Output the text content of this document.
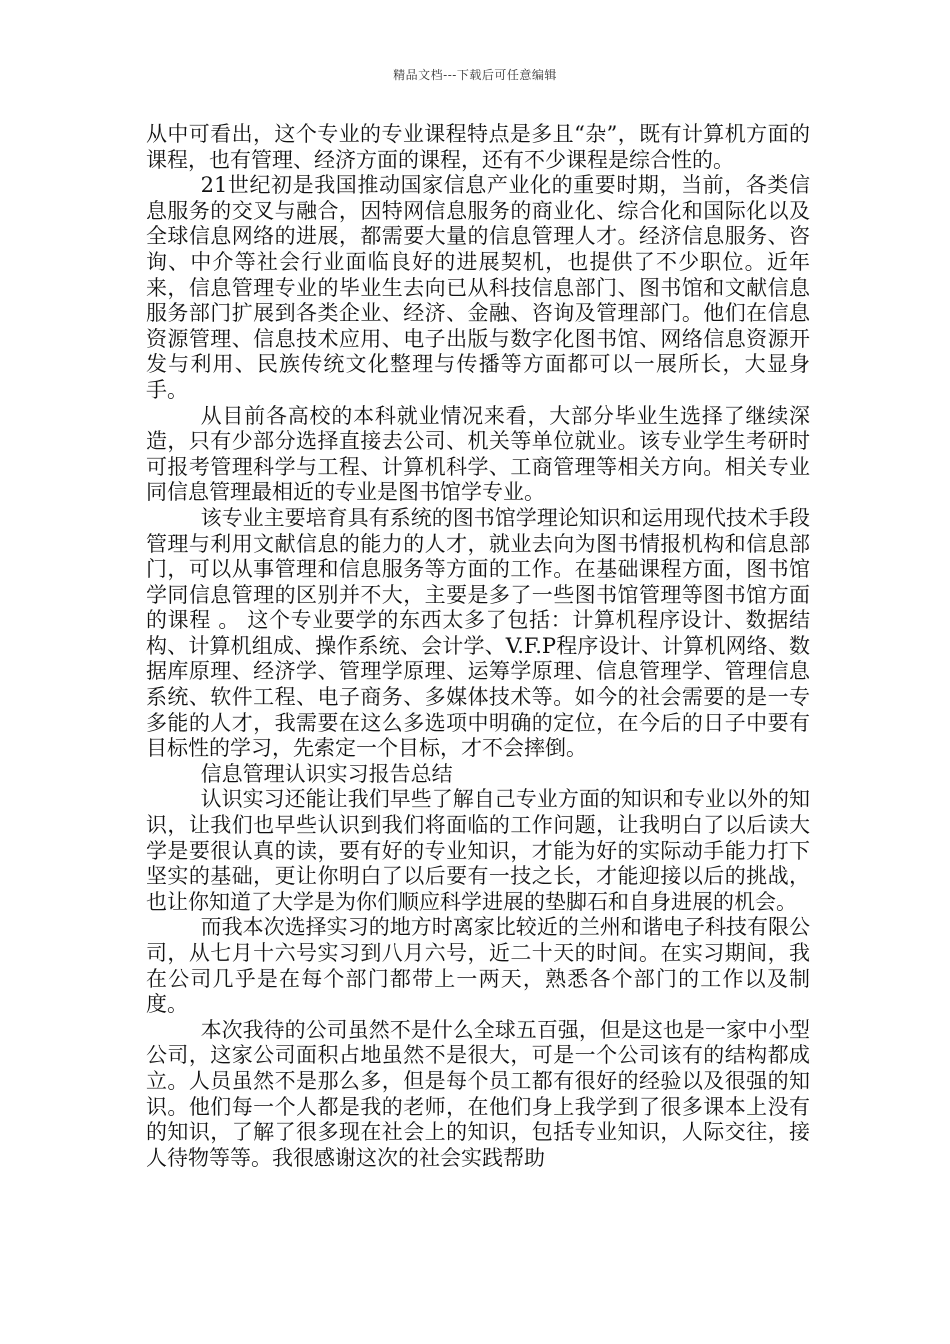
精品文档---下载后可任意编辑

从中可看出，这个专业的专业课程特点是多且“杂”，既有计算机方面的课程，也有管理、经济方面的课程，还有不少课程是综合性的。

21世纪初是我国推动国家信息产业化的重要时期，当前，各类信息服务的交叉与融合，因特网信息服务的商业化、综合化和国际化以及全球信息网络的进展，都需要大量的信息管理人才。经济信息服务、咨询、中介等社会行业面临良好的进展契机，也提供了不少职位。近年来，信息管理专业的毕业生去向已从科技信息部门、图书馆和文献信息服务部门扩展到各类企业、经济、金融、咨询及管理部门。他们在信息资源管理、信息技术应用、电子出版与数字化图书馆、网络信息资源开发与利用、民族传统文化整理与传播等方面都可以一展所长，大显身手。

从目前各高校的本科就业情况来看，大部分毕业生选择了继续深造，只有少部分选择直接去公司、机关等单位就业。该专业学生考研时可报考管理科学与工程、计算机科学、工商管理等相关方向。相关专业 同信息管理最相近的专业是图书馆学专业。

该专业主要培育具有系统的图书馆学理论知识和运用现代技术手段管理与利用文献信息的能力的人才，就业去向为图书情报机构和信息部门，可以从事管理和信息服务等方面的工作。在基础课程方面，图书馆学同信息管理的区别并不大，主要是多了一些图书馆管理等图书馆方面的课程 。 这个专业要学的东西太多了包括：计算机程序设计、数据结构、计算机组成、操作系统、会计学、V.F.P程序设计、计算机网络、数据库原理、经济学、管理学原理、运筹学原理、信息管理学、管理信息系统、软件工程、电子商务、多媒体技术等。如今的社会需要的是一专多能的人才，我需要在这么多选项中明确的定位，在今后的日子中要有目标性的学习，先索定一个目标，才不会摔倒。

信息管理认识实习报告总结

认识实习还能让我们早些了解自己专业方面的知识和专业以外的知识，让我们也早些认识到我们将面临的工作问题，让我明白了以后读大学是要很认真的读，要有好的专业知识，才能为好的实际动手能力打下坚实的基础，更让你明白了以后要有一技之长，才能迎接以后的挑战，也让你知道了大学是为你们顺应科学进展的垫脚石和自身进展的机会。

而我本次选择实习的地方时离家比较近的兰州和谐电子科技有限公司，从七月十六号实习到八月六号，近二十天的时间。在实习期间，我在公司几乎是在每个部门都带上一两天，熟悉各个部门的工作以及制度。

本次我待的公司虽然不是什么全球五百强，但是这也是一家中小型公司，这家公司面积占地虽然不是很大，可是一个公司该有的结构都成立。人员虽然不是那么多，但是每个员工都有很好的经验以及很强的知识。他们每一个人都是我的老师，在他们身上我学到了很多课本上没有的知识，了解了很多现在社会上的知识，包括专业知识，人际交往，接人待物等等。我很感谢这次的社会实践帮助
